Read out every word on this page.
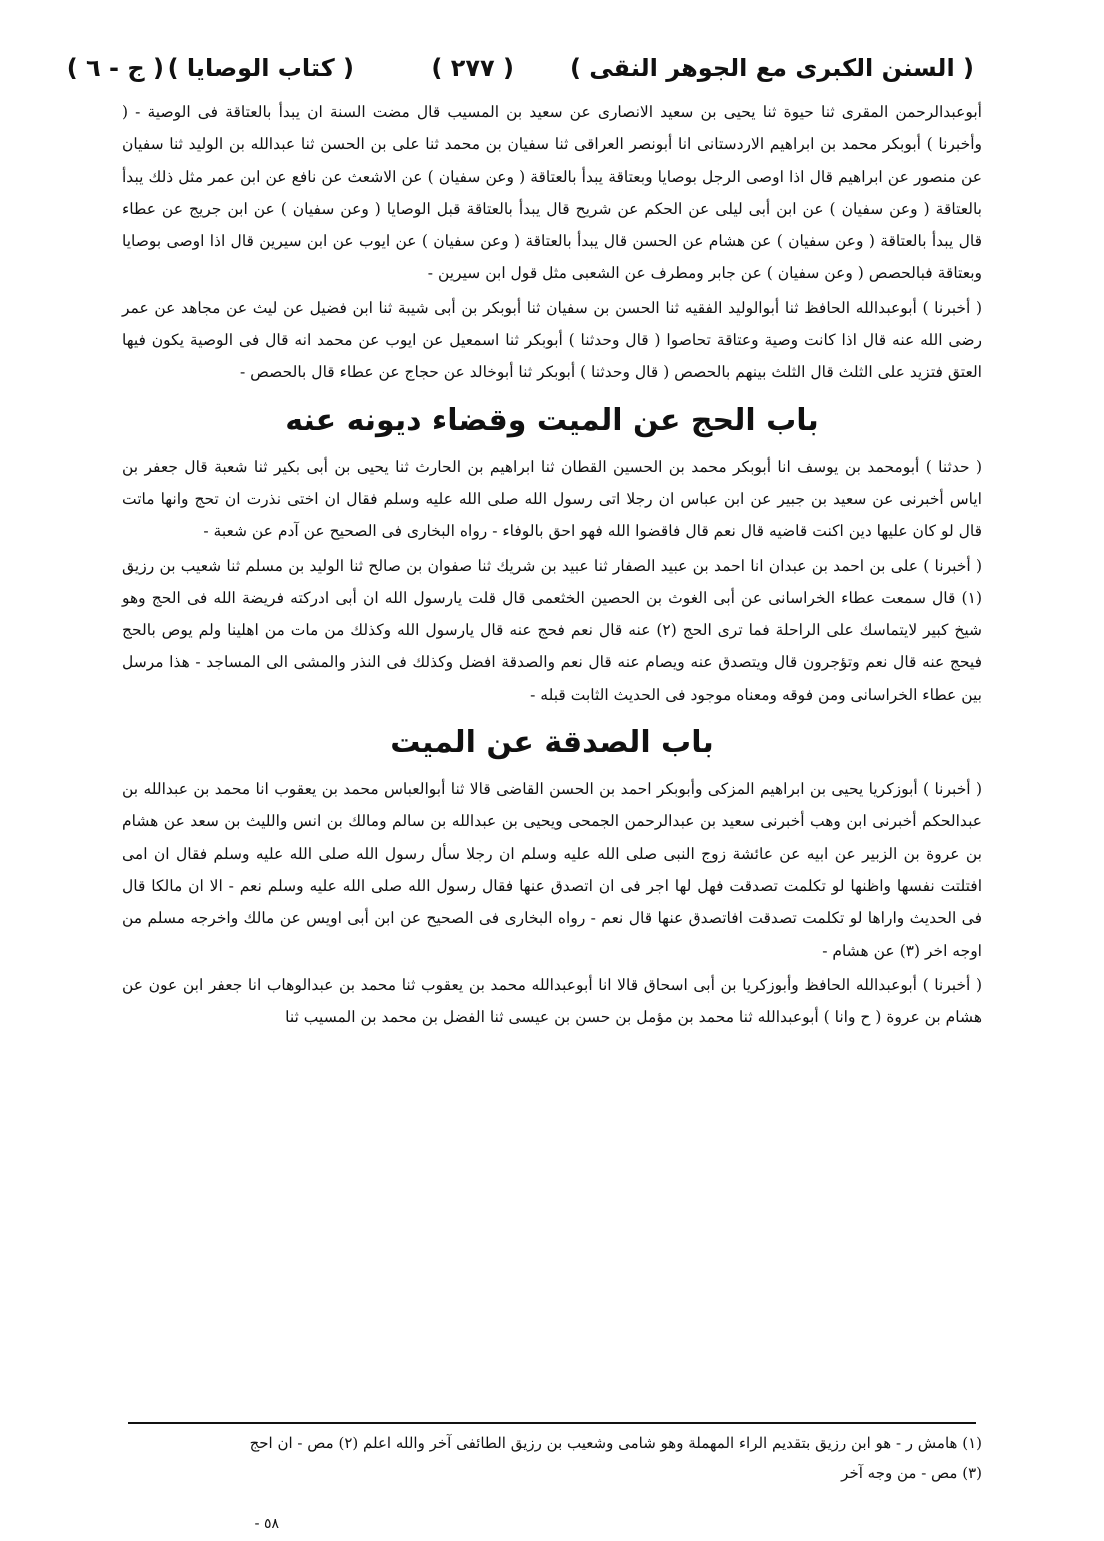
( السنن الكبرى مع الجوهر النقى )
( ٢٧٧ )
( كتاب الوصايا )
( ج - ٦ )

أبوعبدالرحمن المقرى ثنا حيوة ثنا يحيى بن سعيد الانصارى عن سعيد بن المسيب قال مضت السنة ان يبدأ بالعتاقة فى الوصية - ( وأخبرنا ) أبوبكر محمد بن ابراهيم الاردستانى انا أبونصر العراقى ثنا سفيان بن محمد ثنا على بن الحسن ثنا عبدالله بن الوليد ثنا سفيان عن منصور عن ابراهيم قال اذا اوصى الرجل بوصايا وبعتاقة يبدأ بالعتاقة ( وعن سفيان ) عن الاشعث عن نافع عن ابن عمر مثل ذلك يبدأ بالعتاقة ( وعن سفيان ) عن ابن أبى ليلى عن الحكم عن شريح قال يبدأ بالعتاقة قبل الوصايا ( وعن سفيان ) عن ابن جريج عن عطاء قال يبدأ بالعتاقة ( وعن سفيان ) عن هشام عن الحسن قال يبدأ بالعتاقة ( وعن سفيان ) عن ايوب عن ابن سيرين قال اذا اوصى بوصايا وبعتاقة فبالحصص ( وعن سفيان ) عن جابر ومطرف عن الشعبى مثل قول ابن سيرين -

( أخبرنا ) أبوعبدالله الحافظ ثنا أبوالوليد الفقيه ثنا الحسن بن سفيان ثنا أبوبكر بن أبى شيبة ثنا ابن فضيل عن ليث عن مجاهد عن عمر رضى الله عنه قال اذا كانت وصية وعتاقة تحاصوا ( قال وحدثنا ) أبوبكر ثنا اسمعيل عن ايوب عن محمد انه قال فى الوصية يكون فيها العتق فتزيد على الثلث قال الثلث بينهم بالحصص ( قال وحدثنا ) أبوبكر ثنا أبوخالد عن حجاج عن عطاء قال بالحصص -

باب الحج عن الميت وقضاء ديونه عنه

( حدثنا ) أبومحمد بن يوسف انا أبوبكر محمد بن الحسين القطان ثنا ابراهيم بن الحارث ثنا يحيى بن أبى بكير ثنا شعبة قال جعفر بن اياس أخبرنى عن سعيد بن جبير عن ابن عباس ان رجلا اتى رسول الله صلى الله عليه وسلم فقال ان اختى نذرت ان تحج وانها ماتت قال لو كان عليها دين اكنت قاضيه قال نعم قال فاقضوا الله فهو احق بالوفاء - رواه البخارى فى الصحيح عن آدم عن شعبة -

( أخبرنا ) على بن احمد بن عبدان انا احمد بن عبيد الصفار ثنا عبيد بن شريك ثنا صفوان بن صالح ثنا الوليد بن مسلم ثنا شعيب بن رزيق (١) قال سمعت عطاء الخراسانى عن أبى الغوث بن الحصين الخثعمى قال قلت يارسول الله ان أبى ادركته فريضة الله فى الحج وهو شيخ كبير لايتماسك على الراحلة فما ترى الحج (٢) عنه قال نعم فحج عنه قال يارسول الله وكذلك من مات من اهلينا ولم يوص بالحج فيحج عنه قال نعم وتؤجرون قال ويتصدق عنه ويصام عنه قال نعم والصدقة افضل وكذلك فى النذر والمشى الى المساجد - هذا مرسل بين عطاء الخراسانى ومن فوقه ومعناه موجود فى الحديث الثابت قبله -

باب الصدقة عن الميت

( أخبرنا ) أبوزكريا يحيى بن ابراهيم المزكى وأبوبكر احمد بن الحسن القاضى قالا ثنا أبوالعباس محمد بن يعقوب انا محمد بن عبدالله بن عبدالحكم أخبرنى ابن وهب أخبرنى سعيد بن عبدالرحمن الجمحى ويحيى بن عبدالله بن سالم ومالك بن انس والليث بن سعد عن هشام بن عروة بن الزبير عن ابيه عن عائشة زوج النبى صلى الله عليه وسلم ان رجلا سأل رسول الله صلى الله عليه وسلم فقال ان امى افتلتت نفسها واظنها لو تكلمت تصدقت فهل لها اجر فى ان اتصدق عنها فقال رسول الله صلى الله عليه وسلم نعم - الا ان مالكا قال فى الحديث واراها لو تكلمت تصدقت افاتصدق عنها قال نعم - رواه البخارى فى الصحيح عن ابن أبى اويس عن مالك واخرجه مسلم من اوجه اخر (٣) عن هشام -

( أخبرنا ) أبوعبدالله الحافظ وأبوزكريا بن أبى اسحاق قالا انا أبوعبدالله محمد بن يعقوب ثنا محمد بن عبدالوهاب انا جعفر ابن عون عن هشام بن عروة ( ح وانا ) أبوعبدالله ثنا محمد بن مؤمل بن حسن بن عيسى ثنا الفضل بن محمد بن المسيب ثنا

(١) هامش ر - هو ابن رزيق بتقديم الراء المهملة وهو شامى وشعيب بن رزيق الطائفى آخر والله اعلم (٢) مص - ان احج

(٣) مص - من وجه آخر

- ٥٨
